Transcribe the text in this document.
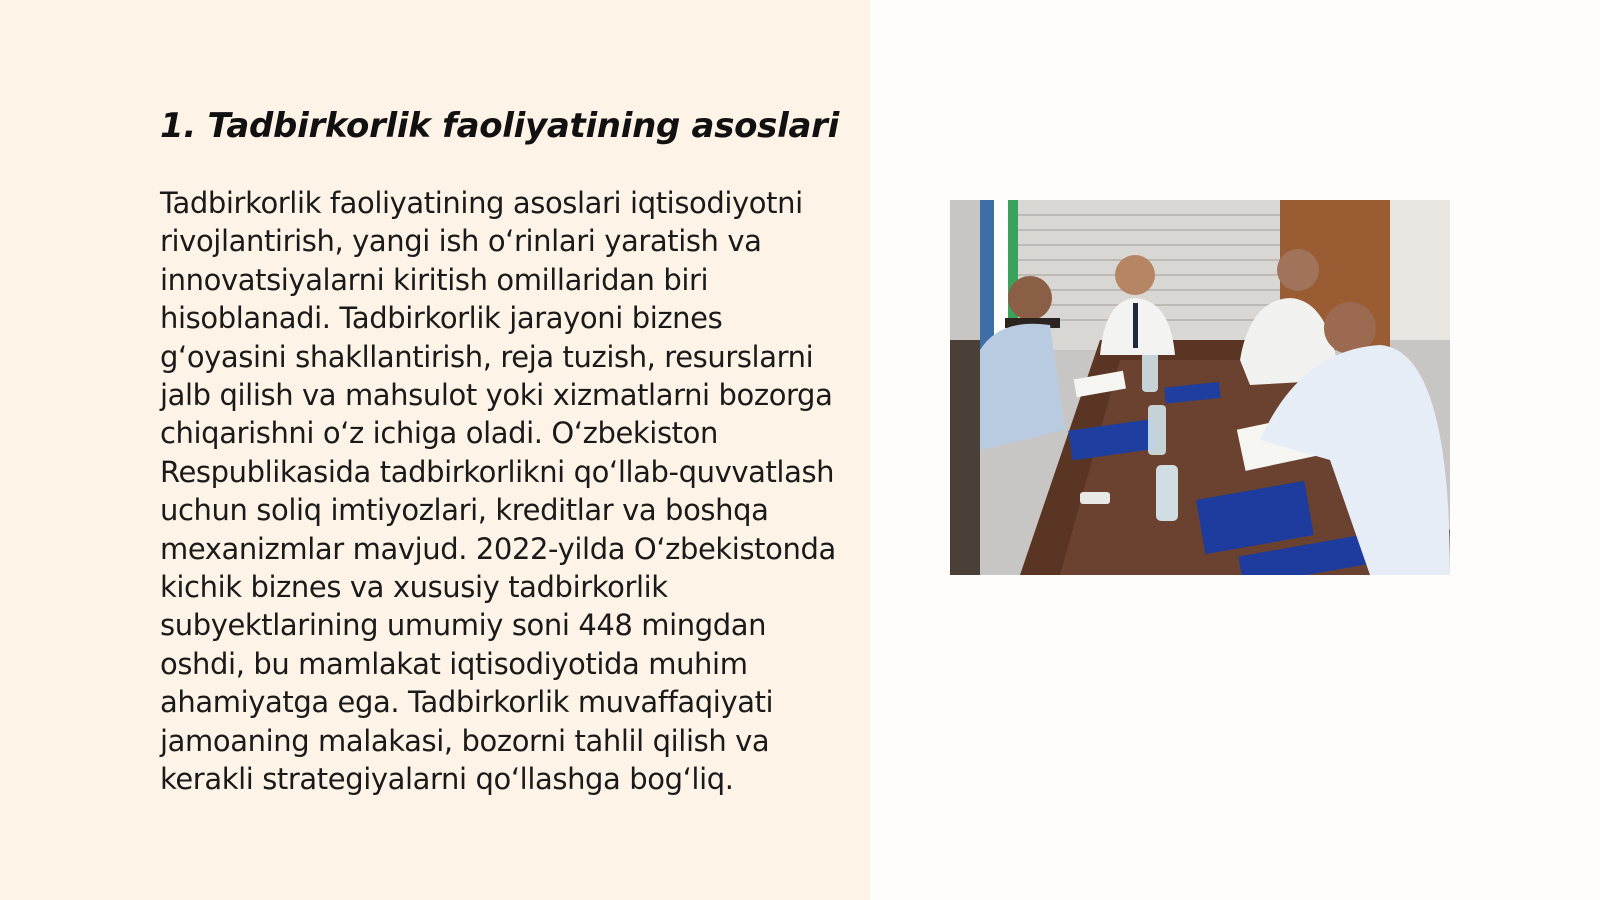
1. Tadbirkorlik faoliyatining asoslari

Tadbirkorlik faoliyatining asoslari iqtisodiyotni rivojlantirish, yangi ish oʻrinlari yaratish va innovatsiyalarni kiritish omillaridan biri hisoblanadi. Tadbirkorlik jarayoni biznes gʻoyasini shakllantirish, reja tuzish, resurslarni jalb qilish va mahsulot yoki xizmatlarni bozorga chiqarishni oʻz ichiga oladi. Oʻzbekiston Respublikasida tadbirkorlikni qoʻllab-quvvatlash uchun soliq imtiyozlari, kreditlar va boshqa mexanizmlar mavjud. 2022-yilda Oʻzbekistonda kichik biznes va xususiy tadbirkorlik subyektlarining umumiy soni 448 mingdan oshdi, bu mamlakat iqtisodiyotida muhim ahamiyatga ega. Tadbirkorlik muvaffaqiyati jamoaning malakasi, bozorni tahlil qilish va kerakli strategiyalarni qoʻllashga bogʻliq.
